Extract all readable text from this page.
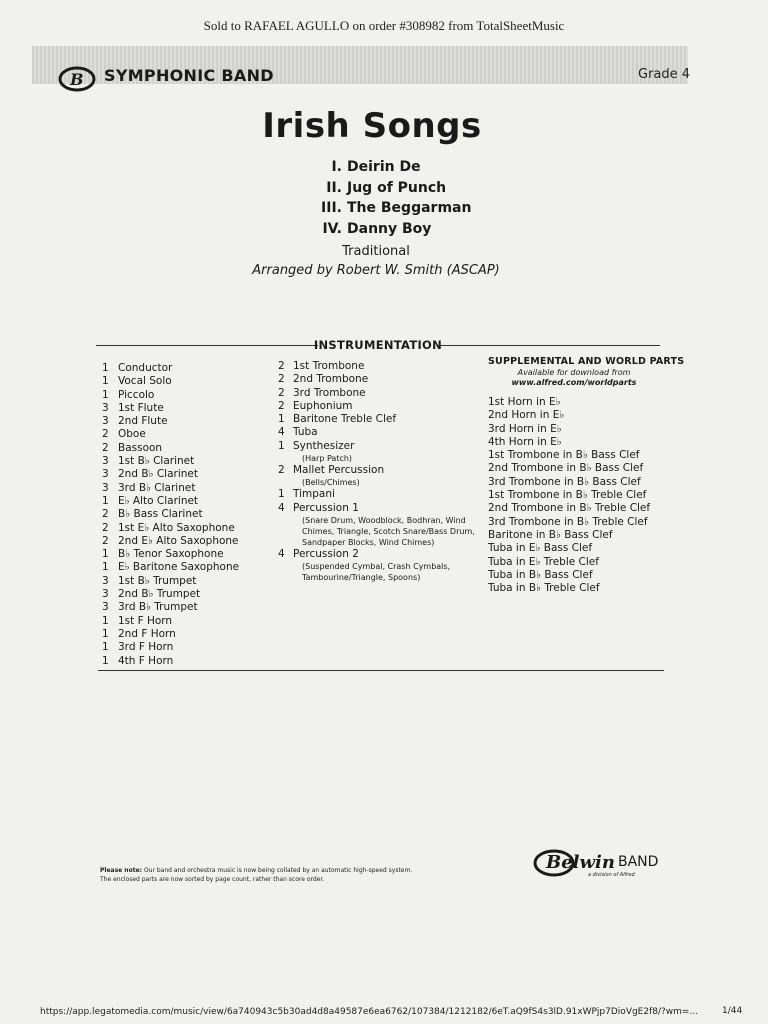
Sold to RAFAEL AGULLO on order #308982 from TotalSheetMusic
B SYMPHONIC BAND	Grade 4
Irish Songs
I. Deirin De
II. Jug of Punch
III. The Beggarman
IV. Danny Boy
Traditional
Arranged by Robert W. Smith (ASCAP)
INSTRUMENTATION
1 Conductor
1 Vocal Solo
1 Piccolo
3 1st Flute
3 2nd Flute
2 Oboe
2 Bassoon
3 1st B♭ Clarinet
3 2nd B♭ Clarinet
3 3rd B♭ Clarinet
1 E♭ Alto Clarinet
2 B♭ Bass Clarinet
2 1st E♭ Alto Saxophone
2 2nd E♭ Alto Saxophone
1 B♭ Tenor Saxophone
1 E♭ Baritone Saxophone
3 1st B♭ Trumpet
3 2nd B♭ Trumpet
3 3rd B♭ Trumpet
1 1st F Horn
1 2nd F Horn
1 3rd F Horn
1 4th F Horn
2 1st Trombone
2 2nd Trombone
2 3rd Trombone
2 Euphonium
1 Baritone Treble Clef
4 Tuba
1 Synthesizer
(Harp Patch)
2 Mallet Percussion
(Bells/Chimes)
1 Timpani
4 Percussion 1
(Snare Drum, Woodblock, Bodhran, Wind Chimes, Triangle, Scotch Snare/Bass Drum, Sandpaper Blocks, Wind Chimes)
4 Percussion 2
(Suspended Cymbal, Crash Cymbals, Tambourine/Triangle, Spoons)
SUPPLEMENTAL AND WORLD PARTS
Available for download from
www.alfred.com/worldparts
1st Horn in E♭
2nd Horn in E♭
3rd Horn in E♭
4th Horn in E♭
1st Trombone in B♭ Bass Clef
2nd Trombone in B♭ Bass Clef
3rd Trombone in B♭ Bass Clef
1st Trombone in B♭ Treble Clef
2nd Trombone in B♭ Treble Clef
3rd Trombone in B♭ Treble Clef
Baritone in B♭ Bass Clef
Tuba in E♭ Bass Clef
Tuba in E♭ Treble Clef
Tuba in B♭ Bass Clef
Tuba in B♭ Treble Clef
Please note: Our band and orchestra music is now being collated by an automatic high-speed system.
The enclosed parts are now sorted by page count, rather than score order.
Belwin BAND
a division of Alfred
https://app.legatomedia.com/music/view/6a740943c5b30ad4d8a49587e6ea6762/107384/1212182/6eT.aQ9fS4s3lD.91xWPjp7DioVgE2f8/?wm=...	1/44
